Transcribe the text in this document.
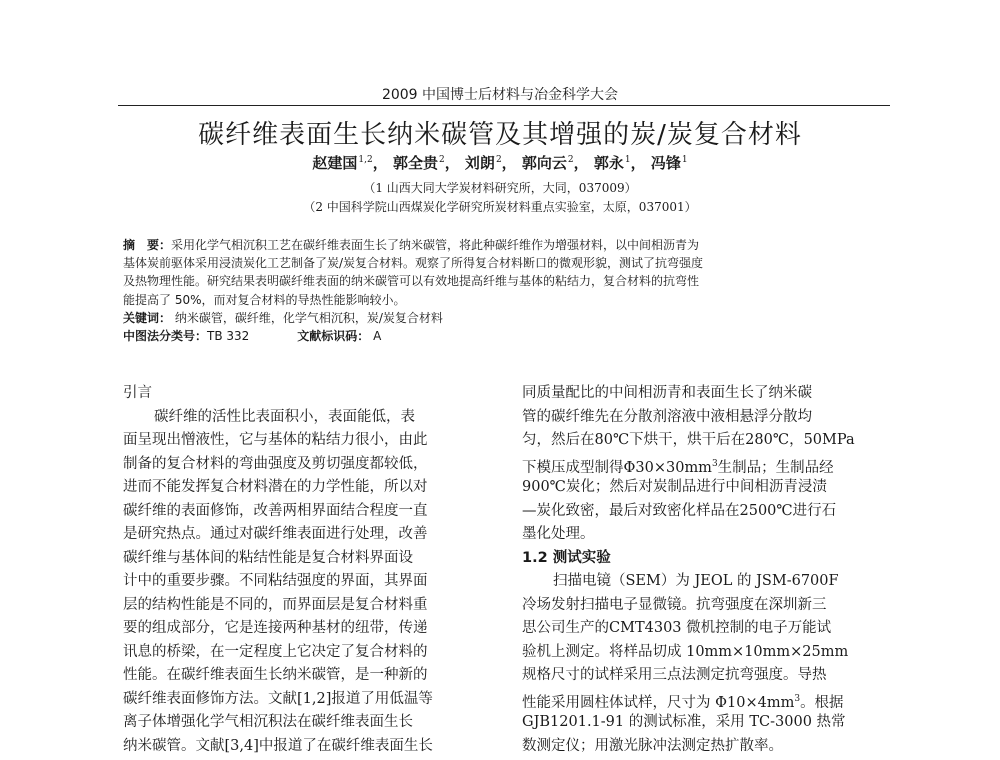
2009 中国博士后材料与冶金科学大会
碳纤维表面生长纳米碳管及其增强的炭/炭复合材料
赵建国$^{1,2}$， 郭全贵$^2$， 刘朗$^2$， 郭向云$^2$， 郭永$^1$， 冯锋$^1$
（1 山西大同大学炭材料研究所，大同，037009）
（2 中国科学院山西煤炭化学研究所炭材料重点实验室，太原，037001）
摘　要：采用化学气相沉积工艺在碳纤维表面生长了纳米碳管，将此种碳纤维作为增强材料，以中间相沥青为
基体炭前驱体采用浸渍炭化工艺制备了炭/炭复合材料。观察了所得复合材料断口的微观形貌，测试了抗弯强度
及热物理性能。研究结果表明碳纤维表面的纳米碳管可以有效地提高纤维与基体的粘结力，复合材料的抗弯性
能提高了 50%，而对复合材料的导热性能影响较小。
关键词： 纳米碳管，碳纤维，化学气相沉积，炭/炭复合材料
中图法分类号：TB 332	文献标识码： A
引言
碳纤维的活性比表面积小，表面能低，表
面呈现出憎液性，它与基体的粘结力很小，由此
制备的复合材料的弯曲强度及剪切强度都较低，
进而不能发挥复合材料潜在的力学性能，所以对
碳纤维的表面修饰，改善两相界面结合程度一直
是研究热点。通过对碳纤维表面进行处理，改善
碳纤维与基体间的粘结性能是复合材料界面设
计中的重要步骤。不同粘结强度的界面，其界面
层的结构性能是不同的，而界面层是复合材料重
要的组成部分，它是连接两种基材的纽带，传递
讯息的桥梁，在一定程度上它决定了复合材料的
性能。在碳纤维表面生长纳米碳管，是一种新的
碳纤维表面修饰方法。文献[1,2]报道了用低温等
离子体增强化学气相沉积法在碳纤维表面生长
纳米碳管。文献[3,4]中报道了在碳纤维表面生长
同质量配比的中间相沥青和表面生长了纳米碳
管的碳纤维先在分散剂溶液中液相悬浮分散均
匀，然后在80℃下烘干，烘干后在280℃，50MPa
下模压成型制得$\Phi 30\times 30mm^3$生制品；生制品经
900℃炭化；然后对炭制品进行中间相沥青浸渍
—炭化致密，最后对致密化样品在2500℃进行石
墨化处理。
1.2 测试实验
扫描电镜（SEM）为 JEOL 的 JSM-6700F
冷场发射扫描电子显微镜。抗弯强度在深圳新三
思公司生产的CMT4303 微机控制的电子万能试
验机上测定。将样品切成 10mm×10mm×25mm
规格尺寸的试样采用三点法测定抗弯强度。导热
性能采用圆柱体试样，尺寸为 $\Phi 10\times 4mm^3$。根据
GJB1201.1-91 的测试标准，采用 TC-3000 热常
数测定仪；用激光脉冲法测定热扩散率。
